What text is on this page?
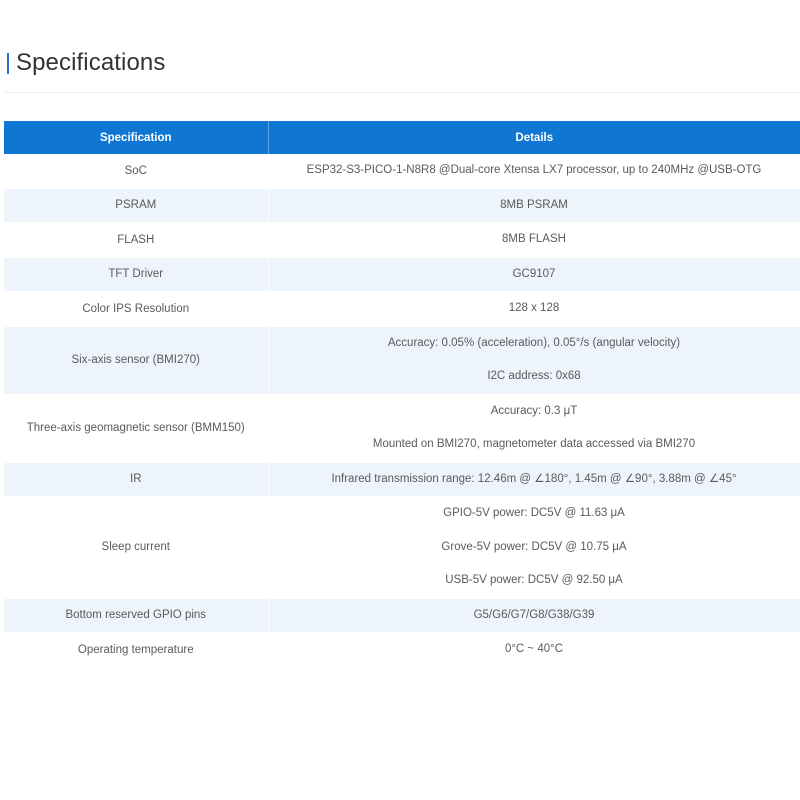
Specifications
Specification	Details
SoC	ESP32-S3-PICO-1-N8R8 @Dual-core Xtensa LX7 processor, up to 240MHz @USB-OTG

PSRAM	8MB PSRAM

FLASH	8MB FLASH

TFT Driver	GC9107

Color IPS Resolution	128 x 128

Six-axis sensor (BMI270)	Accuracy: 0.05% (acceleration), 0.05°/s (angular velocity)
I2C address: 0x68

Three-axis geomagnetic sensor (BMM150)	Accuracy: 0.3 μT
Mounted on BMI270, magnetometer data accessed via BMI270

IR	Infrared transmission range: 12.46m @ ∠180°, 1.45m @ ∠90°, 3.88m @ ∠45°

Sleep current	GPIO-5V power: DC5V @ 11.63 μA
Grove-5V power: DC5V @ 10.75 μA
USB-5V power: DC5V @ 92.50 μA

Bottom reserved GPIO pins	G5/G6/G7/G8/G38/G39

Operating temperature	0°C ~ 40°C
